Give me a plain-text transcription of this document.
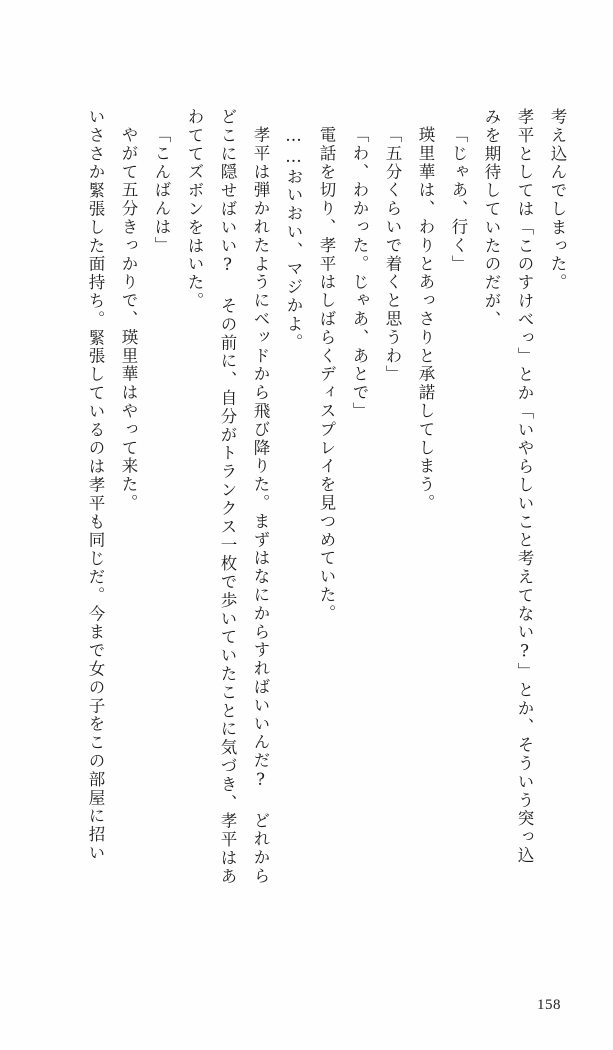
考え込んでしまった。
孝平としては「このすけべっ」とか「いやらしいこと考えてない?」とか、そういう突っ込
みを期待していたのだが、
「じゃあ、行く」
瑛里華は、わりとあっさりと承諾してしまう。
「五分くらいで着くと思うわ」
「わ、わかった。じゃあ、あとで」
電話を切り、孝平はしばらくディスプレイを見つめていた。
……おいおい、マジかよ。
孝平は弾かれたようにベッドから飛び降りた。まずはなにからすればいいんだ? どれから
どこに隠せばいい? その前に、自分がトランクス一枚で歩いていたことに気づき、孝平はあ
わててズボンをはいた。
「こんばんは」
やがて五分きっかりで、瑛里華はやって来た。
いささか緊張した面持ち。緊張しているのは孝平も同じだ。今まで女の子をこの部屋に招い
158
